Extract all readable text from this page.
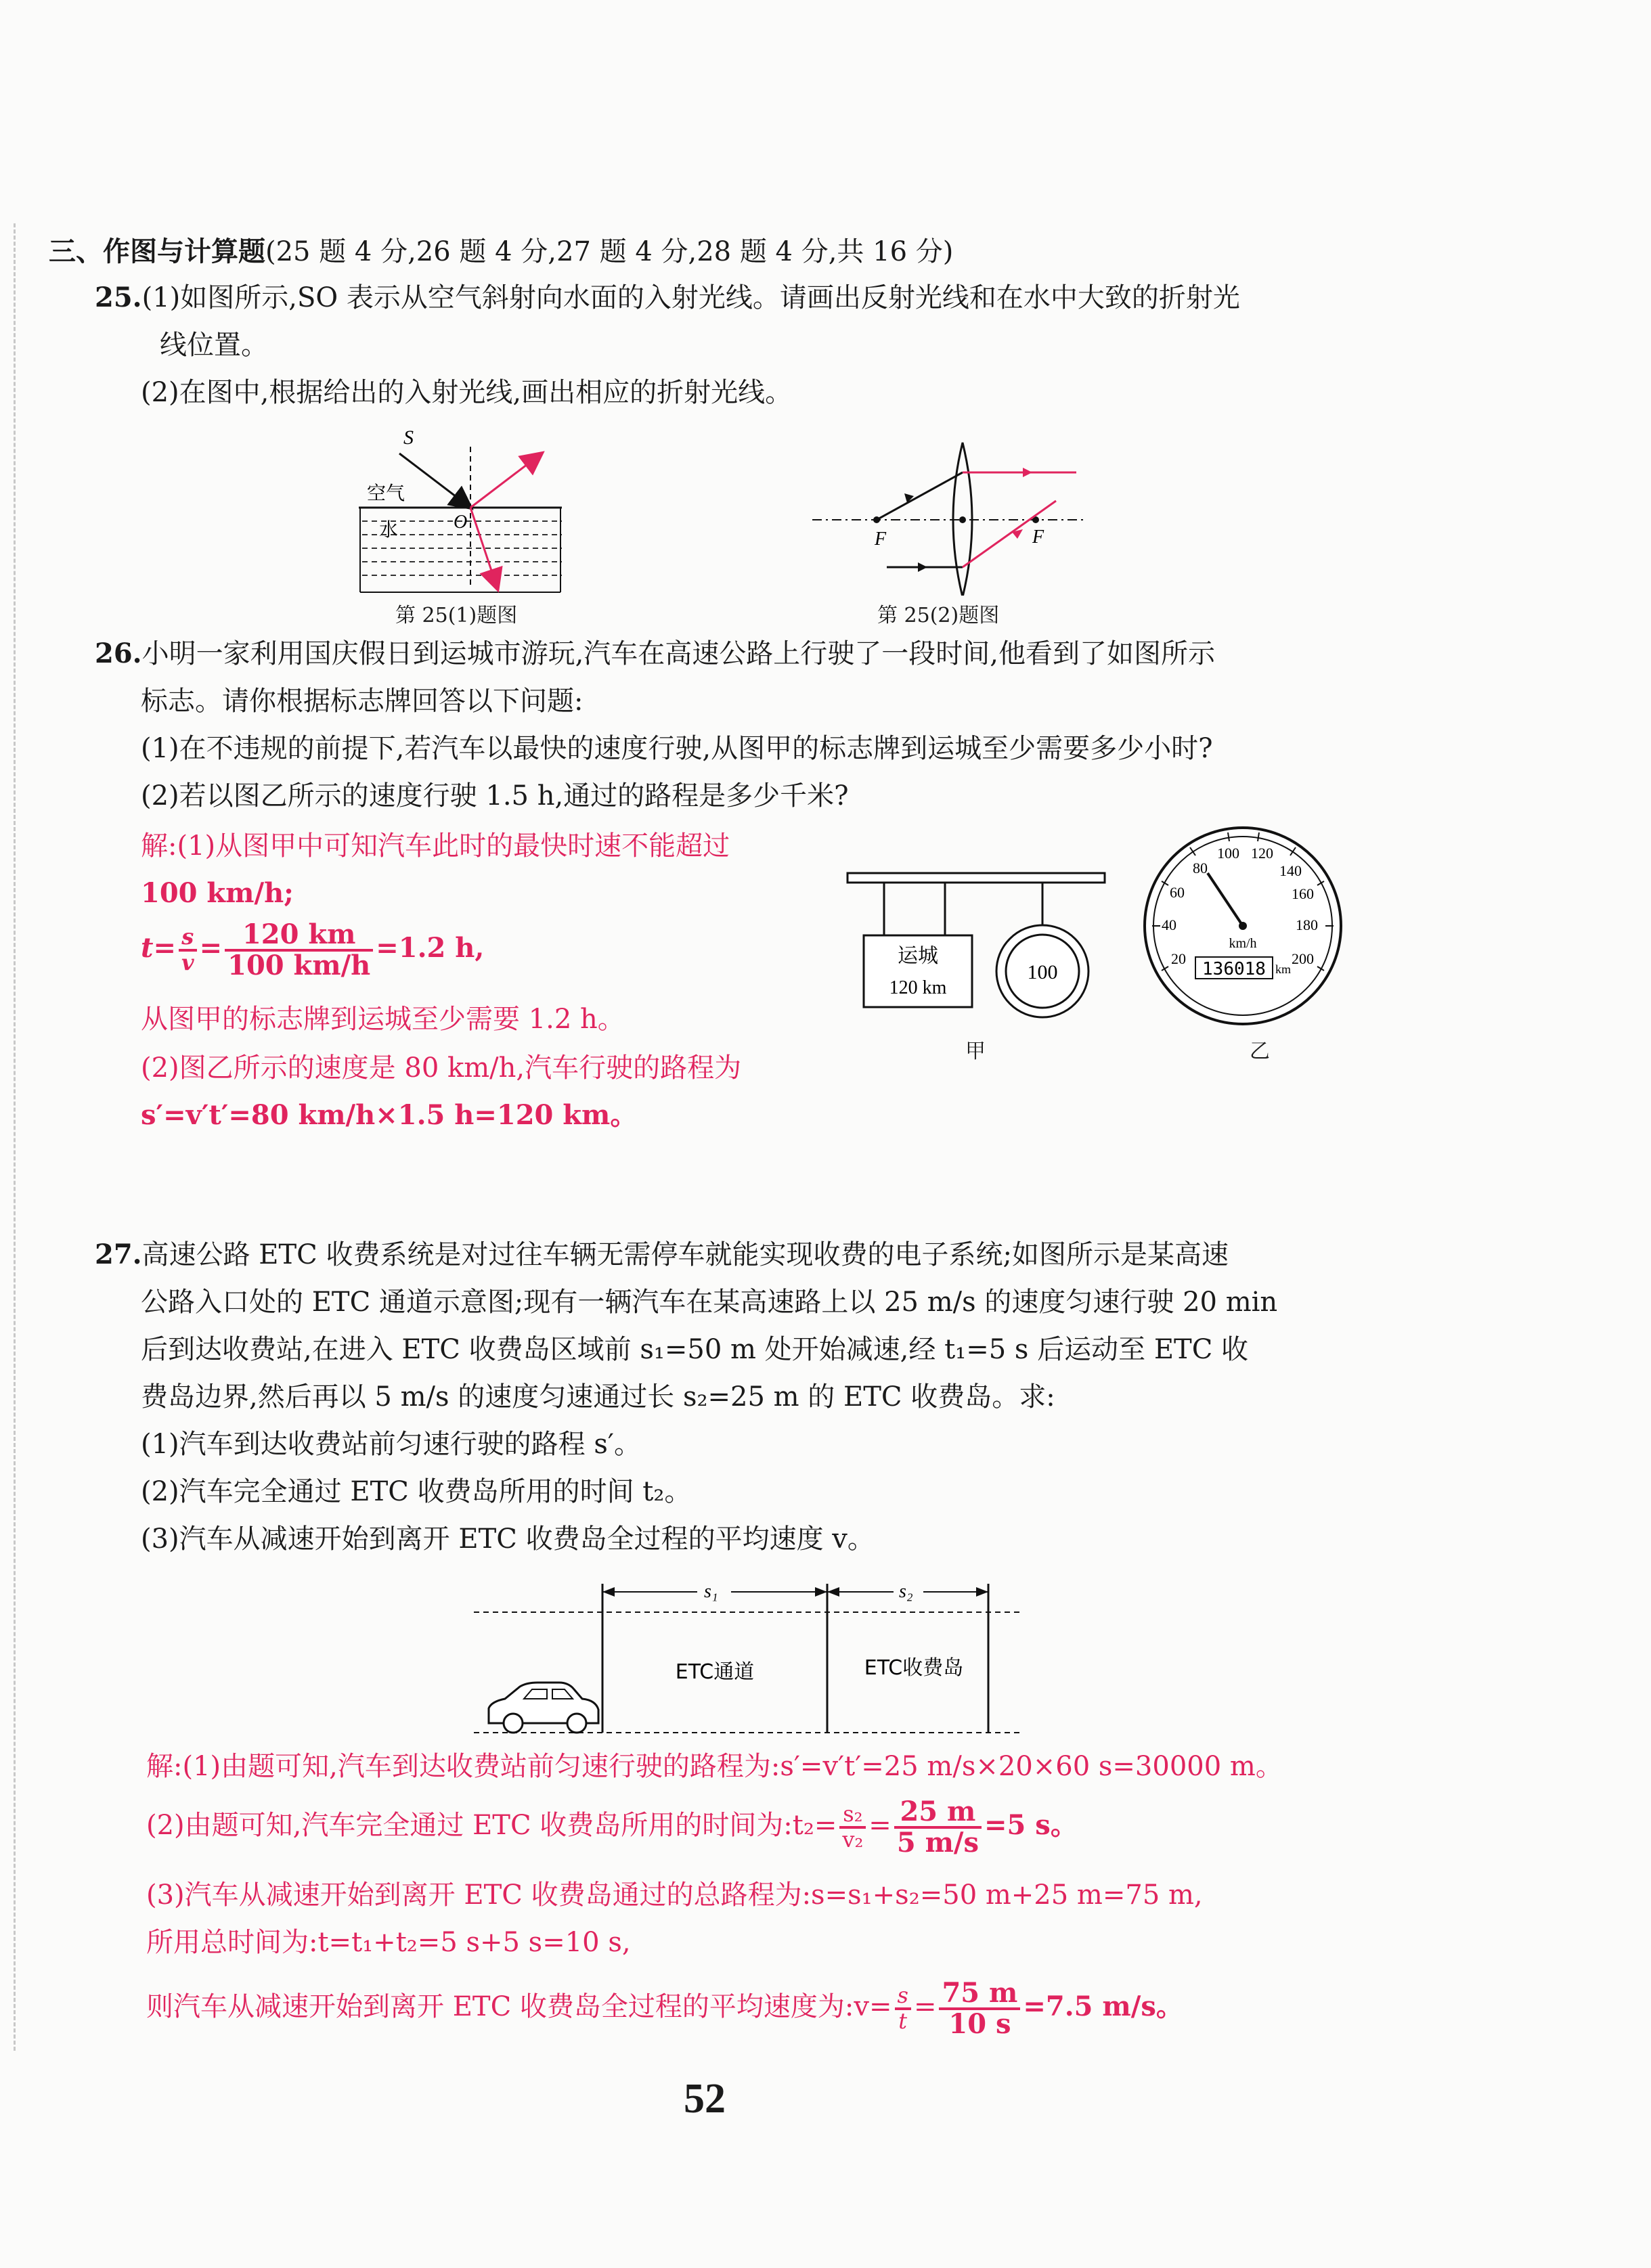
三、作图与计算题(25 题 4 分,26 题 4 分,27 题 4 分,28 题 4 分,共 16 分)
25.(1)如图所示,SO 表示从空气斜射向水面的入射光线。请画出反射光线和在水中大致的折射光
线位置。
(2)在图中,根据给出的入射光线,画出相应的折射光线。
S
空气
O
水
第 25(1)题图
F	F
第 25(2)题图
26.小明一家利用国庆假日到运城市游玩,汽车在高速公路上行驶了一段时间,他看到了如图所示
标志。请你根据标志牌回答以下问题:
(1)在不违规的前提下,若汽车以最快的速度行驶,从图甲的标志牌到运城至少需要多少小时?
(2)若以图乙所示的速度行驶 1.5 h,通过的路程是多少千米?
解:(1)从图甲中可知汽车此时的最快时速不能超过
100 km/h;
$t= \frac{s}{v} = \frac{120 km}{100 km/h} =1.2$ h,
从图甲的标志牌到运城至少需要 1.2 h。
(2)图乙所示的速度是 80 km/h,汽车行驶的路程为
s′=v′t′=80 km/h×1.5 h=120 km。
运城
120 km
100
甲
20
40
60
80
100 120
140
160
180
200
km/h
136018 km
乙
27.高速公路 ETC 收费系统是对过往车辆无需停车就能实现收费的电子系统;如图所示是某高速
公路入口处的 ETC 通道示意图;现有一辆汽车在某高速路上以 25 m/s 的速度匀速行驶 20 min
后到达收费站,在进入 ETC 收费岛区域前 s₁=50 m 处开始减速,经 t₁=5 s 后运动至 ETC 收
费岛边界,然后再以 5 m/s 的速度匀速通过长 s₂=25 m 的 ETC 收费岛。求:
(1)汽车到达收费站前匀速行驶的路程 s′。
(2)汽车完全通过 ETC 收费岛所用的时间 t₂。
(3)汽车从减速开始到离开 ETC 收费岛全过程的平均速度 v。
s₁	s₂
ETC通道	ETC收费岛
解:(1)由题可知,汽车到达收费站前匀速行驶的路程为:s′=v′t′=25 m/s×20×60 s=30000 m。
(2)由题可知,汽车完全通过 ETC 收费岛所用的时间为:t₂= $\frac{\text{s₂}}{\text{v₂}} = \frac{25 m}{5 m/s} =5$ s。
(3)汽车从减速开始到离开 ETC 收费岛通过的总路程为:s=s₁+s₂=50 m+25 m=75 m,
所用总时间为:t=t₁+t₂=5 s+5 s=10 s,
则汽车从减速开始到离开 ETC 收费岛全过程的平均速度为:v= $\frac{s}{t} = \frac{75 m}{10 s} =7.5$ m/s。
52
